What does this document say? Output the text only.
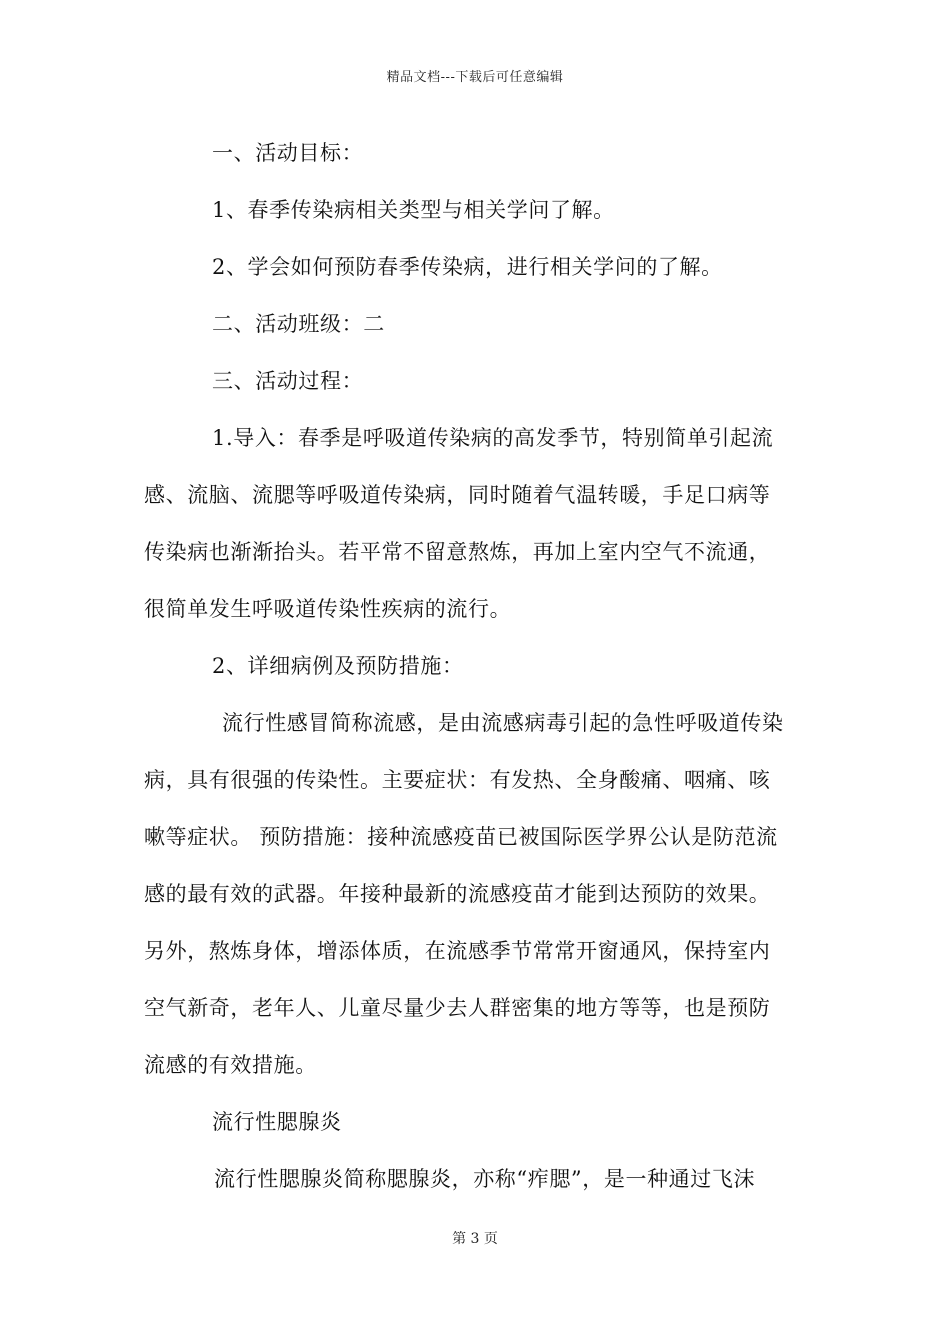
精品文档---下载后可任意编辑
一、活动目标：
1、春季传染病相关类型与相关学问了解。
2、学会如何预防春季传染病，进行相关学问的了解。
二、活动班级：二
三、活动过程：
1.导入：春季是呼吸道传染病的高发季节，特别简单引起流
感、流脑、流腮等呼吸道传染病，同时随着气温转暖，手足口病等
传染病也渐渐抬头。若平常不留意熬炼，再加上室内空气不流通，
很简单发生呼吸道传染性疾病的流行。
2、详细病例及预防措施：
流行性感冒简称流感，是由流感病毒引起的急性呼吸道传染
病，具有很强的传染性。主要症状：有发热、全身酸痛、咽痛、咳
嗽等症状。 预防措施：接种流感疫苗已被国际医学界公认是防范流
感的最有效的武器。年接种最新的流感疫苗才能到达预防的效果。
另外，熬炼身体，增添体质，在流感季节常常开窗通风，保持室内
空气新奇，老年人、儿童尽量少去人群密集的地方等等，也是预防
流感的有效措施。
流行性腮腺炎
流行性腮腺炎简称腮腺炎，亦称“痄腮”，是一种通过飞沫
第 3 页
